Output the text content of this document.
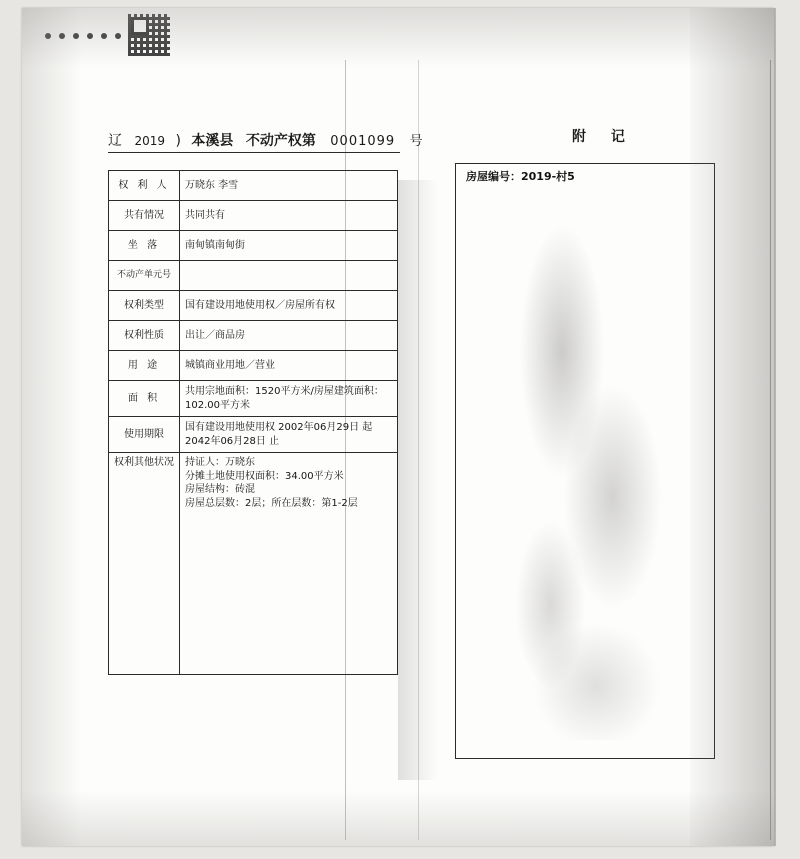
辽 2019 ) 本溪县 不动产权第 0001099 号
权 利 人	万晓东 李雪
共有情况	共同共有
坐 落	南甸镇南甸街
不动产单元号	
权利类型	国有建设用地使用权／房屋所有权
权利性质	出让／商品房
用 途	城镇商业用地／营业
面 积	共用宗地面积：1520平方米/房屋建筑面积：102.00平方米
使用期限	国有建设用地使用权 2002年06月29日 起 2042年06月28日 止

权利其他状况	持证人：万晓东
分摊土地使用权面积：34.00平方米
房屋结构：砖混
房屋总层数：2层；所在层数：第1-2层
附 记
房屋编号：2019-村5
